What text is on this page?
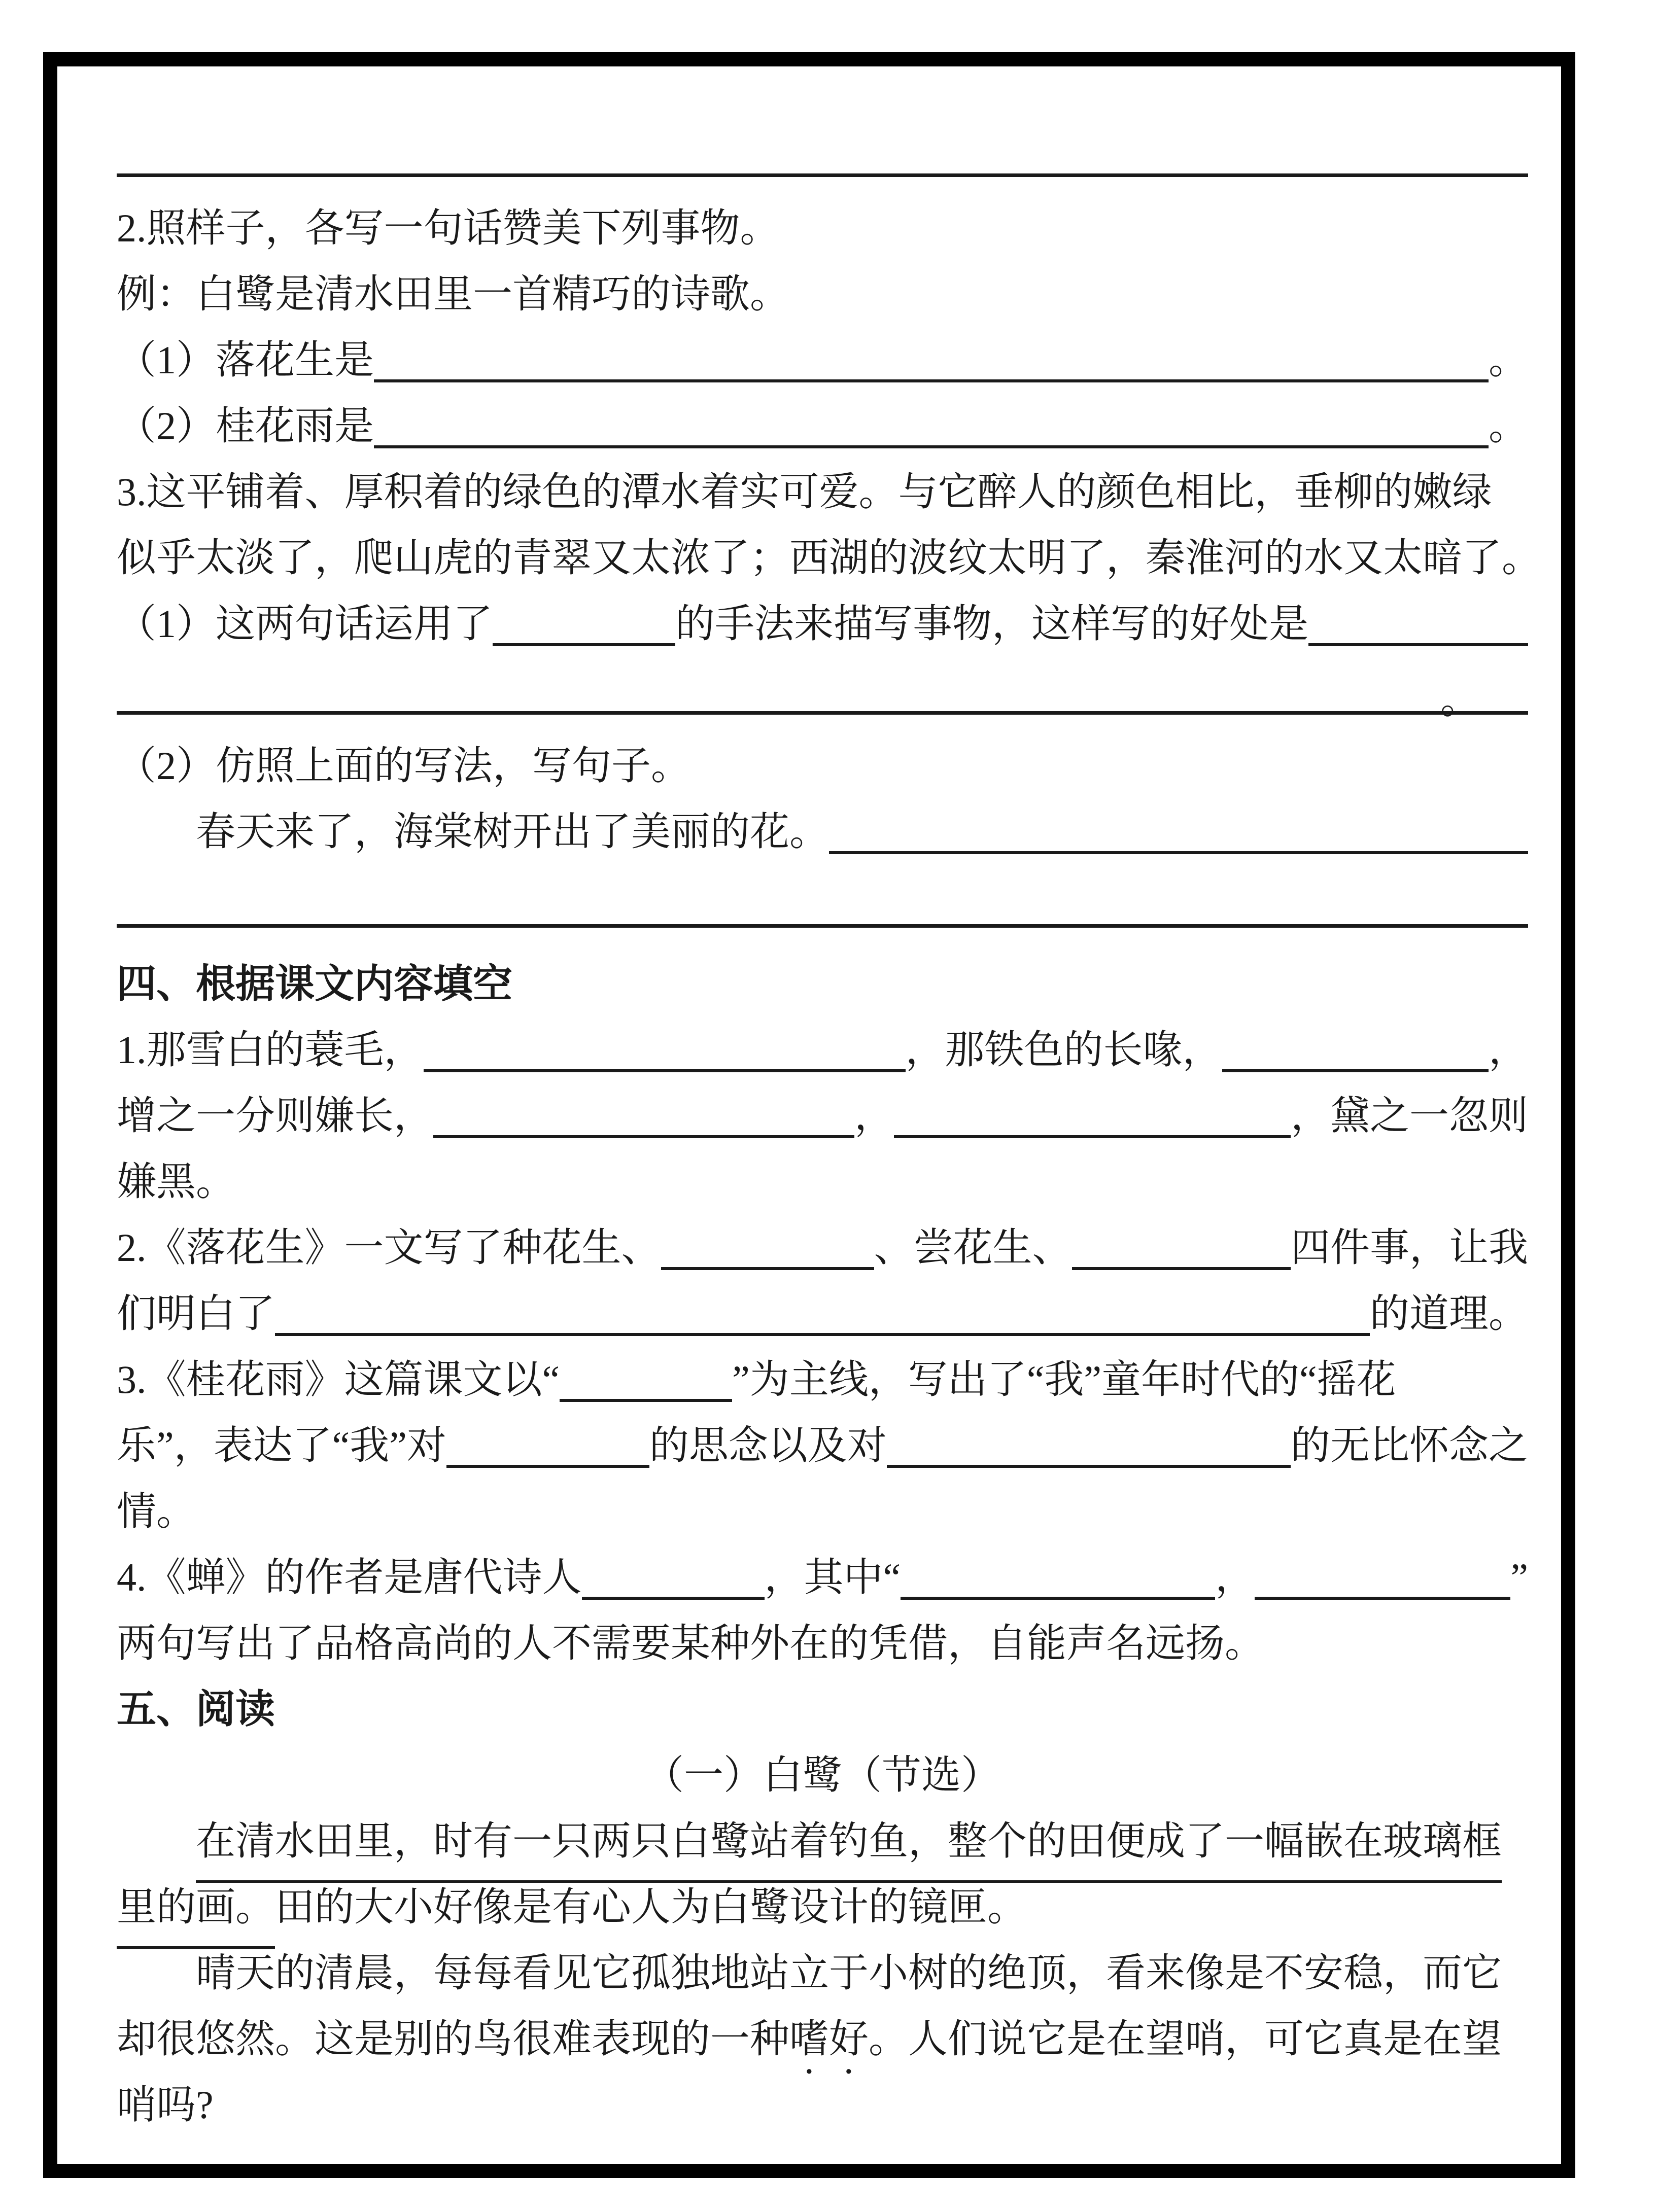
2.照样子，各写一句话赞美下列事物。
例：白鹭是清水田里一首精巧的诗歌。
（1）落花生是	。
（2）桂花雨是	。
3.这平铺着、厚积着的绿色的潭水着实可爱。与它醉人的颜色相比，垂柳的嫩绿
似乎太淡了，爬山虎的青翠又太浓了；西湖的波纹太明了，秦淮河的水又太暗了。
（1）这两句话运用了	的手法来描写事物，这样写的好处是
。
（2）仿照上面的写法，写句子。
春天来了，海棠树开出了美丽的花。
四、根据课文内容填空
1.那雪白的蓑毛，	，那铁色的长喙，	，
增之一分则嫌长，	，	，黛之一忽则
嫌黑。
2.《落花生》一文写了种花生、	、尝花生、	四件事，让我
们明白了	的道理。
3.《桂花雨》这篇课文以“	”为主线，写出了“我”童年时代的“摇花
乐”，表达了“我”对	的思念以及对	的无比怀念之
情。
4.《蝉》的作者是唐代诗人	，其中“	，	”
两句写出了品格高尚的人不需要某种外在的凭借，自能声名远扬。
五、阅读
（一）白鹭（节选）
在清水田里，时有一只两只白鹭站着钓鱼，整个的田便成了一幅嵌在玻璃框
里的画。 田的大小好像是有心人为白鹭设计的镜匣。
晴天的清晨，每每看见它孤独地站立于小树的绝顶，看来像是不安稳，而它
却很悠然。这是别的鸟很难表现的一种 嗜好 。人们说它是在望哨，可它真是在望
哨吗?
